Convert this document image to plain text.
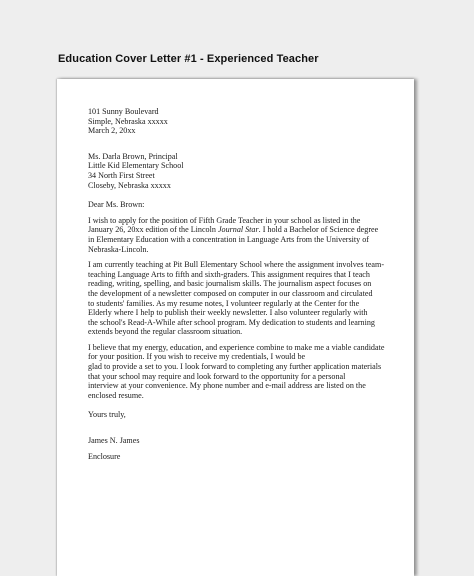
Education Cover Letter #1 - Experienced Teacher
101 Sunny Boulevard
Simple, Nebraska xxxxx
March 2, 20xx
Ms. Darla Brown, Principal
Little Kid Elementary School
34 North First Street
Closeby, Nebraska xxxxx
Dear Ms. Brown:
I wish to apply for the position of Fifth Grade Teacher in your school as listed in the
January 26, 20xx edition of the Lincoln Journal Star. I hold a Bachelor of Science degree
in Elementary Education with a concentration in Language Arts from the University of
Nebraska-Lincoln.
I am currently teaching at Pit Bull Elementary School where the assignment involves team-
teaching Language Arts to fifth and sixth-graders. This assignment requires that I teach
reading, writing, spelling, and basic journalism skills. The journalism aspect focuses on
the development of a newsletter composed on computer in our classroom and circulated
to students' families. As my resume notes, I volunteer regularly at the Center for the
Elderly where I help to publish their weekly newsletter. I also volunteer regularly with
the school's Read-A-While after school program. My dedication to students and learning
extends beyond the regular classroom situation.
I believe that my energy, education, and experience combine to make me a viable candidate
for your position. If you wish to receive my credentials, I would be
glad to provide a set to you. I look forward to completing any further application materials
that your school may require and look forward to the opportunity for a personal
interview at your convenience. My phone number and e-mail address are listed on the
enclosed resume.
Yours truly,
James N. James
Enclosure
